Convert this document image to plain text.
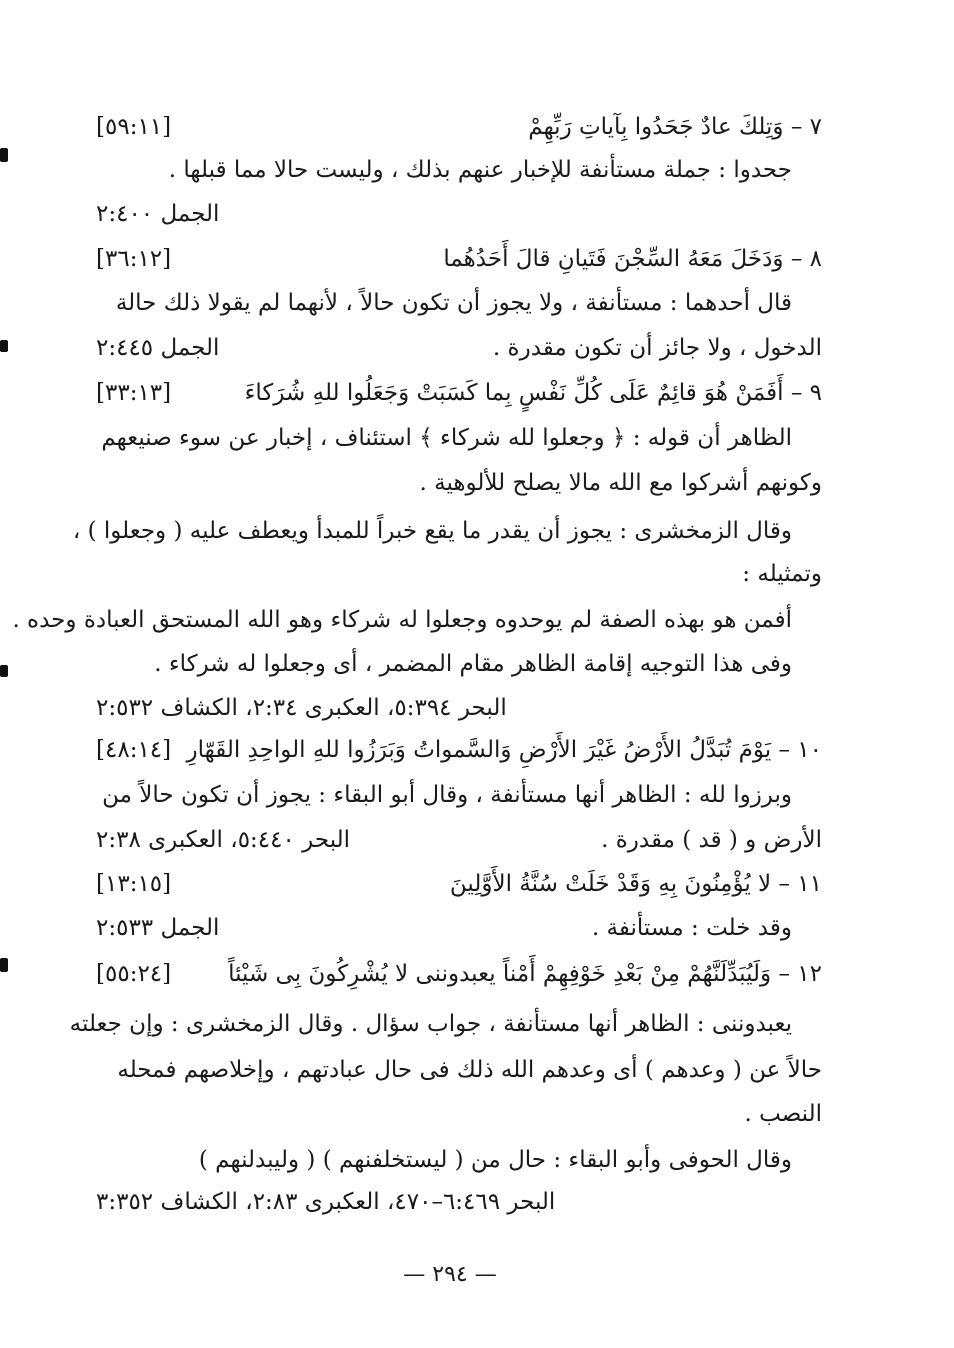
٧ – وَتِلكَ عادٌ جَحَدُوا بِآياتِ رَبِّهِمْ
[٥٩:١١]
جحدوا : جملة مستأنفة للإخبار عنهم بذلك ، وليست حالا مما قبلها .
الجمل ٢:٤٠٠
٨ – وَدَخَلَ مَعَهُ السِّجْنَ فَتَيانِ قالَ أَحَدُهُما
[٣٦:١٢]
قال أحدهما : مستأنفة ، ولا يجوز أن تكون حالاً ، لأنهما لم يقولا ذلك حالة
الدخول ، ولا جائز أن تكون مقدرة .
الجمل ٢:٤٤٥
٩ – أَفَمَنْ هُوَ قائِمٌ عَلَى كُلِّ نَفْسٍ بِما كَسَبَتْ وَجَعَلُوا للهِ شُرَكاءَ
[٣٣:١٣]
الظاهر أن قوله : ﴿ وجعلوا لله شركاء ﴾ استئناف ، إخبار عن سوء صنيعهم
وكونهم أشركوا مع الله مالا يصلح للألوهية .
وقال الزمخشرى : يجوز أن يقدر ما يقع خبراً للمبدأ ويعطف عليه ( وجعلوا ) ،
وتمثيله :
أفمن هو بهذه الصفة لم يوحدوه وجعلوا له شركاء وهو الله المستحق العبادة وحده .
وفى هذا التوجيه إقامة الظاهر مقام المضمر ، أى وجعلوا له شركاء .
البحر ٥:٣٩٤، العكبرى ٢:٣٤، الكشاف ٢:٥٣٢
١٠ – يَوْمَ تُبَدَّلُ الأَرْضُ غَيْرَ الأَرْضِ وَالسَّمواتُ وَبَرَزُوا للهِ الواحِدِ القَهّارِ
[٤٨:١٤]
وبرزوا لله : الظاهر أنها مستأنفة ، وقال أبو البقاء : يجوز أن تكون حالاً من
الأرض و ( قد ) مقدرة .
البحر ٥:٤٤٠، العكبرى ٢:٣٨
١١ – لا يُؤْمِنُونَ بِهِ وَقَدْ خَلَتْ سُنَّةُ الأَوَّلِينَ
[١٣:١٥]
وقد خلت : مستأنفة .
الجمل ٢:٥٣٣
١٢ – وَلَيُبَدِّلَنَّهُمْ مِنْ بَعْدِ خَوْفِهِمْ أَمْناً يعبدوننى لا يُشْرِكُونَ بِى شَيْئاً
[٥٥:٢٤]
يعبدوننى : الظاهر أنها مستأنفة ، جواب سؤال . وقال الزمخشرى : وإن جعلته
حالاً عن ( وعدهم ) أى وعدهم الله ذلك فى حال عبادتهم ، وإخلاصهم فمحله
النصب .
وقال الحوفى وأبو البقاء : حال من ( ليستخلفنهم ) ( وليبدلنهم )
البحر ٦:٤٦٩–٤٧٠، العكبرى ٢:٨٣، الكشاف ٣:٣٥٢
— ٢٩٤ —
